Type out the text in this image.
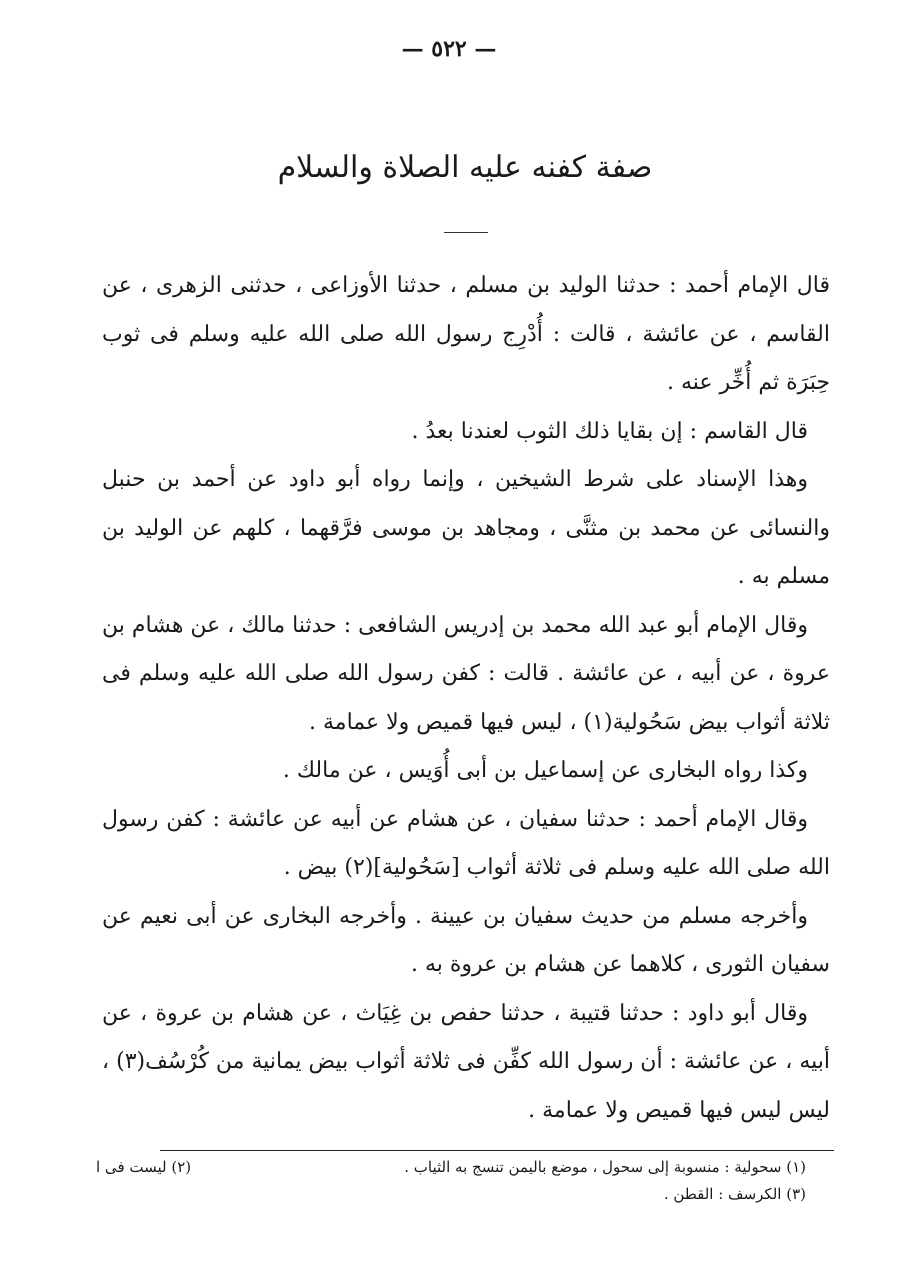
— ٥٢٢ —
صفة كفنه عليه الصلاة والسلام

قال الإمام أحمد : حدثنا الوليد بن مسلم ، حدثنا الأوزاعى ، حدثنى الزهرى ، عن القاسم ، عن عائشة ، قالت : أُدْرِج رسول الله صلى الله عليه وسلم فى ثوب حِبَرَة ثم أُخِّر عنه .

قال القاسم : إن بقايا ذلك الثوب لعندنا بعدُ .

وهذا الإسناد على شرط الشيخين ، وإنما رواه أبو داود عن أحمد بن حنبل والنسائى عن محمد بن مثنَّى ، ومجاهد بن موسى فرَّقهما ، كلهم عن الوليد بن مسلم به .

وقال الإمام أبو عبد الله محمد بن إدريس الشافعى : حدثنا مالك ، عن هشام بن عروة ، عن أبيه ، عن عائشة . قالت : كفن رسول الله صلى الله عليه وسلم فى ثلاثة أثواب بيض سَحُولية(١) ، ليس فيها قميص ولا عمامة .

وكذا رواه البخارى عن إسماعيل بن أبى أُوَيس ، عن مالك .

وقال الإمام أحمد : حدثنا سفيان ، عن هشام عن أبيه عن عائشة : كفن رسول الله صلى الله عليه وسلم فى ثلاثة أثواب [سَحُولية](٢) بيض .

وأخرجه مسلم من حديث سفيان بن عيينة . وأخرجه البخارى عن أبى نعيم عن سفيان الثورى ، كلاهما عن هشام بن عروة به .

وقال أبو داود : حدثنا قتيبة ، حدثنا حفص بن غِيَاث ، عن هشام بن عروة ، عن أبيه ، عن عائشة : أن رسول الله كفِّن فى ثلاثة أثواب بيض يمانية من كُرْسُف(٣) ، ليس ليس فيها قميص ولا عمامة .

(١) سحولية : منسوبة إلى سحول ، موضع باليمن تنسج به الثياب .
(٢) ليست فى ا
(٣) الكرسف : القطن .
